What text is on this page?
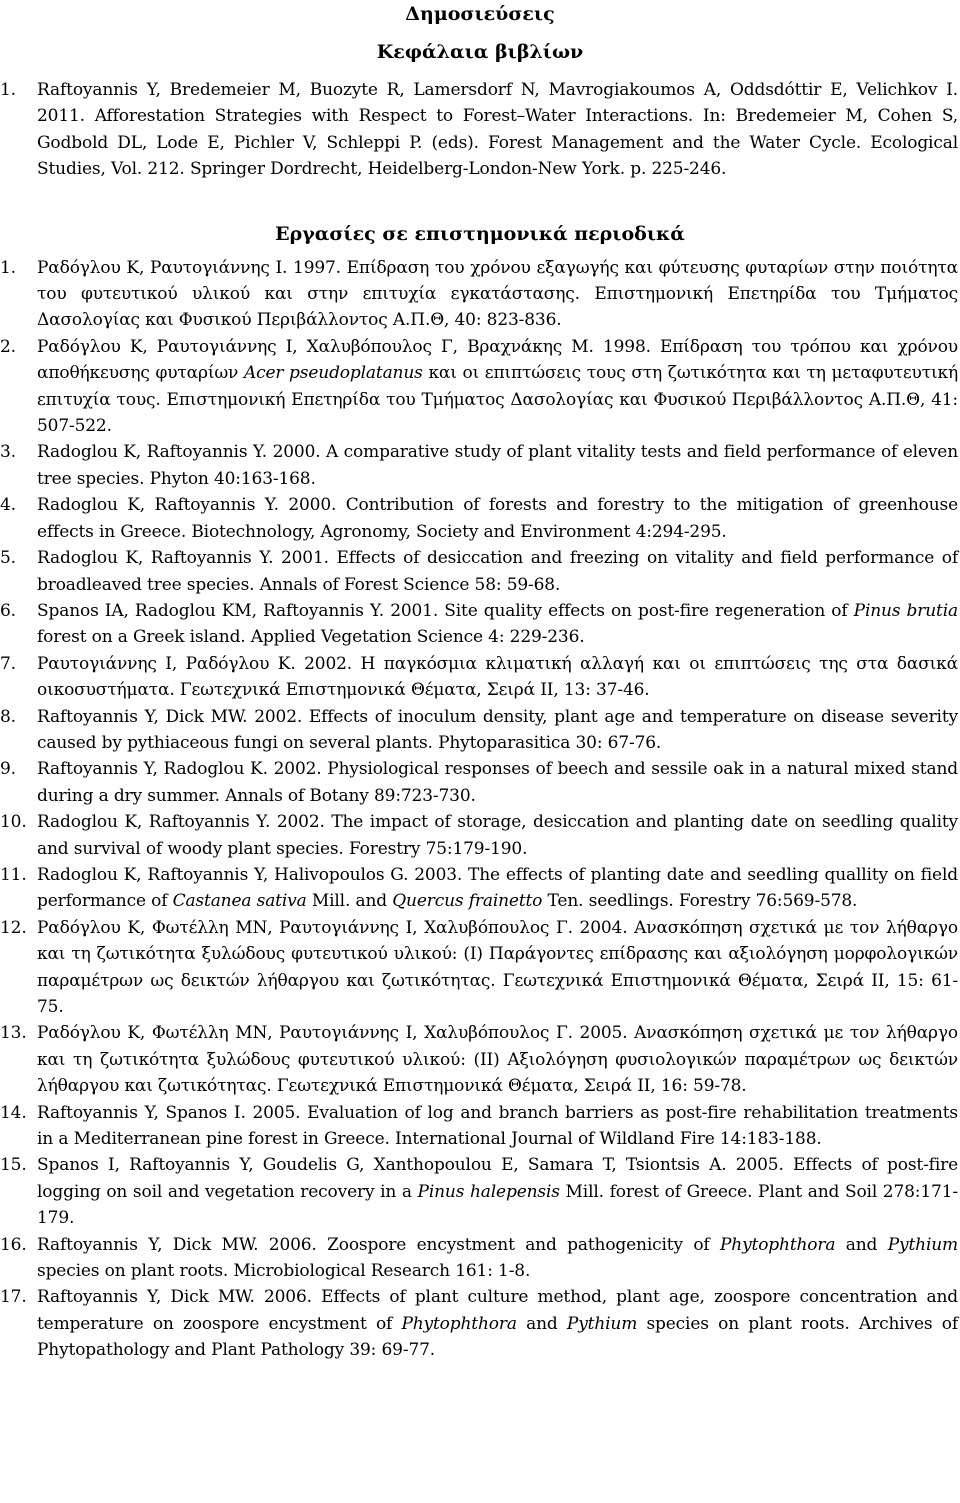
Δημοσιεύσεις
Κεφάλαια βιβλίων
1.	Raftoyannis Y, Bredemeier M, Buozyte R, Lamersdorf N, Mavrogiakoumos A, Oddsdóttir E, Velichkov I. 2011. Afforestation Strategies with Respect to Forest–Water Interactions. In: Bredemeier M, Cohen S, Godbold DL, Lode E, Pichler V, Schleppi P. (eds). Forest Management and the Water Cycle. Ecological Studies, Vol. 212. Springer Dordrecht, Heidelberg-London-New York. p. 225-246.
Εργασίες σε επιστημονικά περιοδικά
1.	Ραδόγλου Κ, Ραυτογιάννης Ι. 1997. Επίδραση του χρόνου εξαγωγής και φύτευσης φυταρίων στην ποιότητα του φυτευτικού υλικού και στην επιτυχία εγκατάστασης. Επιστημονική Επετηρίδα του Τμήματος Δασολογίας και Φυσικού Περιβάλλοντος Α.Π.Θ, 40: 823-836.
2.	Ραδόγλου Κ, Ραυτογιάννης Ι, Χαλυβόπουλος Γ, Βραχνάκης Μ. 1998. Επίδραση του τρόπου και χρόνου αποθήκευσης φυταρίων Acer pseudoplatanus και οι επιπτώσεις τους στη ζωτικότητα και τη μεταφυτευτική επιτυχία τους. Επιστημονική Επετηρίδα του Τμήματος Δασολογίας και Φυσικού Περιβάλλοντος Α.Π.Θ, 41: 507-522.
3.	Radoglou K, Raftoyannis Y. 2000. A comparative study of plant vitality tests and field performance of eleven tree species. Phyton 40:163-168.
4.	Radoglou K, Raftoyannis Y. 2000. Contribution of forests and forestry to the mitigation of greenhouse effects in Greece. Biotechnology, Agronomy, Society and Environment 4:294-295.
5.	Radoglou K, Raftoyannis Y. 2001. Effects of desiccation and freezing on vitality and field performance of broadleaved tree species. Annals of Forest Science 58: 59-68.
6.	Spanos IA, Radoglou KM, Raftoyannis Y. 2001. Site quality effects on post-fire regeneration of Pinus brutia forest on a Greek island. Applied Vegetation Science 4: 229-236.
7.	Ραυτογιάννης Ι, Ραδόγλου Κ. 2002. Η παγκόσμια κλιματική αλλαγή και οι επιπτώσεις της στα δασικά οικοσυστήματα. Γεωτεχνικά Επιστημονικά Θέματα, Σειρά ΙΙ, 13: 37-46.
8.	Raftoyannis Y, Dick MW. 2002. Effects of inoculum density, plant age and temperature on disease severity caused by pythiaceous fungi on several plants. Phytoparasitica 30: 67-76.
9.	Raftoyannis Y, Radoglou K. 2002. Physiological responses of beech and sessile oak in a natural mixed stand during a dry summer. Annals of Botany 89:723-730.
10. Radoglou K, Raftoyannis Y. 2002. The impact of storage, desiccation and planting date on seedling quality and survival of woody plant species. Forestry 75:179-190.
11. Radoglou K, Raftoyannis Y, Halivopoulos G. 2003. The effects of planting date and seedling quallity on field performance of Castanea sativa Mill. and Quercus frainetto Ten. seedlings. Forestry 76:569-578.
12. Ραδόγλου Κ, Φωτέλλη ΜΝ, Ραυτογιάννης Ι, Χαλυβόπουλος Γ. 2004. Ανασκόπηση σχετικά με τον λήθαργο και τη ζωτικότητα ξυλώδους φυτευτικού υλικού: (Ι) Παράγοντες επίδρασης και αξιολόγηση μορφολογικών παραμέτρων ως δεικτών λήθαργου και ζωτικότητας. Γεωτεχνικά Επιστημονικά Θέματα, Σειρά ΙΙ, 15: 61-75.
13. Ραδόγλου Κ, Φωτέλλη ΜΝ, Ραυτογιάννης Ι, Χαλυβόπουλος Γ. 2005. Ανασκόπηση σχετικά με τον λήθαργο και τη ζωτικότητα ξυλώδους φυτευτικού υλικού: (ΙΙ) Αξιολόγηση φυσιολογικών παραμέτρων ως δεικτών λήθαργου και ζωτικότητας. Γεωτεχνικά Επιστημονικά Θέματα, Σειρά ΙΙ, 16: 59-78.
14. Raftoyannis Y, Spanos I. 2005. Evaluation of log and branch barriers as post-fire rehabilitation treatments in a Mediterranean pine forest in Greece. International Journal of Wildland Fire 14:183-188.
15. Spanos I, Raftoyannis Y, Goudelis G, Xanthopoulou E, Samara T, Tsiontsis A. 2005. Effects of post-fire logging on soil and vegetation recovery in a Pinus halepensis Mill. forest of Greece. Plant and Soil 278:171-179.
16. Raftoyannis Y, Dick MW. 2006. Zoospore encystment and pathogenicity of Phytophthora and Pythium species on plant roots. Microbiological Research 161: 1-8.
17. Raftoyannis Y, Dick MW. 2006. Effects of plant culture method, plant age, zoospore concentration and temperature on zoospore encystment of Phytophthora and Pythium species on plant roots. Archives of Phytopathology and Plant Pathology 39: 69-77.
